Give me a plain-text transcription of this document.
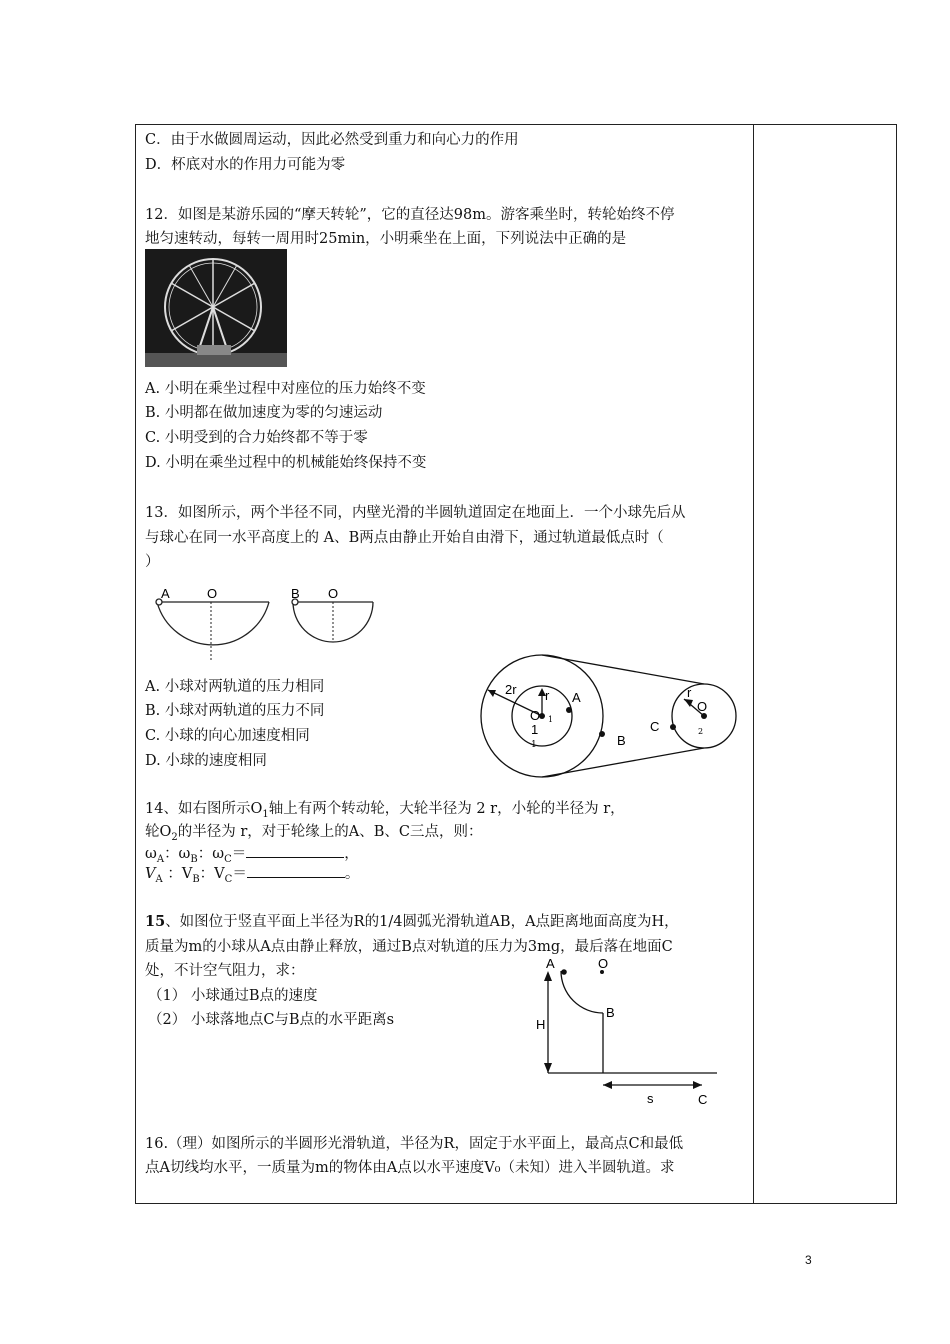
C．由于水做圆周运动，因此必然受到重力和向心力的作用
D．杯底对水的作用力可能为零
12．如图是某游乐园的“摩天转轮”，它的直径达98m。游客乘坐时，转轮始终不停
地匀速转动，每转一周用时25min，小明乘坐在上面，下列说法中正确的是
A. 小明在乘坐过程中对座位的压力始终不变
B. 小明都在做加速度为零的匀速运动
C. 小明受到的合力始终都不等于零
D. 小明在乘坐过程中的机械能始终保持不变
13．如图所示，两个半径不同，内壁光滑的半圆轨道固定在地面上．一个小球先后从
与球心在同一水平高度上的 A、B两点由静止开始自由滑下，通过轨道最低点时（
）
A	O	B O
A. 小球对两轨道的压力相同
B. 小球对两轨道的压力不同
C. 小球的向心加速度相同
D. 小球的速度相同
2r r A
O 1
1
1	B
r
C
O
2
14、如右图所示$O_1$轴上有两个转动轮，大轮半径为 2 r，小轮的半径为 r，
轮$O_2$的半径为 r，对于轮缘上的A、B、C三点，则：
$\omega_A$：$\omega_B$：$\omega_C=$	，
$V_A$ ：$V_B$：$V_C=$	。
15、如图位于竖直平面上半径为R的1/4圆弧光滑轨道AB，A点距离地面高度为H，
质量为m的小球从A点由静止释放，通过B点对轨道的压力为3mg，最后落在地面C
处，不计空气阻力，求：
（1） 小球通过B点的速度
（2） 小球落地点C与B点的水平距离s
A	O
H
B
s	C
16.（理）如图所示的半圆形光滑轨道，半径为R，固定于水平面上，最高点C和最低
点A切线均水平，一质量为m的物体由A点以水平速度V₀（未知）进入半圆轨道。求
3
